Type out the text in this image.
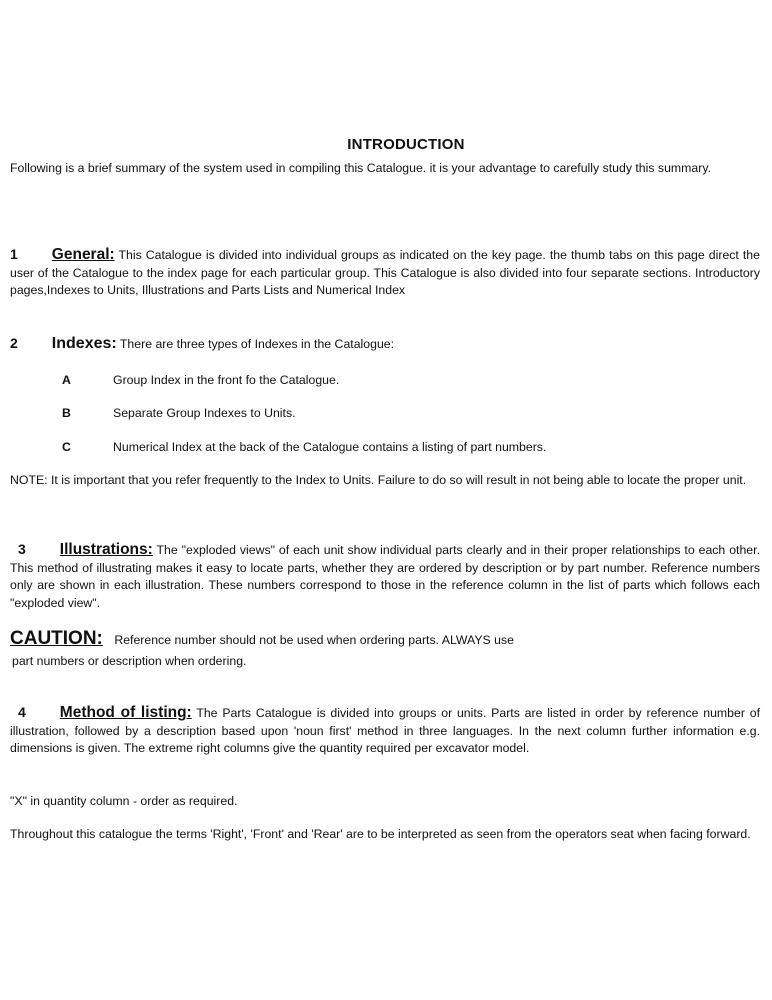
INTRODUCTION
Following is a brief summary of the system used in compiling this Catalogue. it is your advantage to carefully study this summary.
1 General: This Catalogue is divided into individual groups as indicated on the key page. the thumb tabs on this page direct the user of the Catalogue to the index page for each particular group. This Catalogue is also divided into four separate sections. Introductory pages,Indexes to Units, Illustrations and Parts Lists and Numerical Index
2 Indexes: There are three types of Indexes in the Catalogue:
A	Group Index in the front fo the Catalogue.
B	Separate Group Indexes to Units.
C	Numerical Index at the back of the Catalogue contains a listing of part numbers.
NOTE: It is important that you refer frequently to the Index to Units. Failure to do so will result in not being able to locate the proper unit.
3 Illustrations: The "exploded views" of each unit show individual parts clearly and in their proper relationships to each other. This method of illustrating makes it easy to locate parts, whether they are ordered by description or by part number. Reference numbers only are shown in each illustration. These numbers correspond to those in the reference column in the list of parts which follows each "exploded view".
CAUTION: Reference number should not be used when ordering parts. ALWAYS use
part numbers or description when ordering.
4 Method of listing: The Parts Catalogue is divided into groups or units. Parts are listed in order by reference number of illustration, followed by a description based upon 'noun first' method in three languages. In the next column further information e.g. dimensions is given. The extreme right columns give the quantity required per excavator model.
"X" in quantity column - order as required.
Throughout this catalogue the terms 'Right', 'Front' and 'Rear' are to be interpreted as seen from the operators seat when facing forward.
